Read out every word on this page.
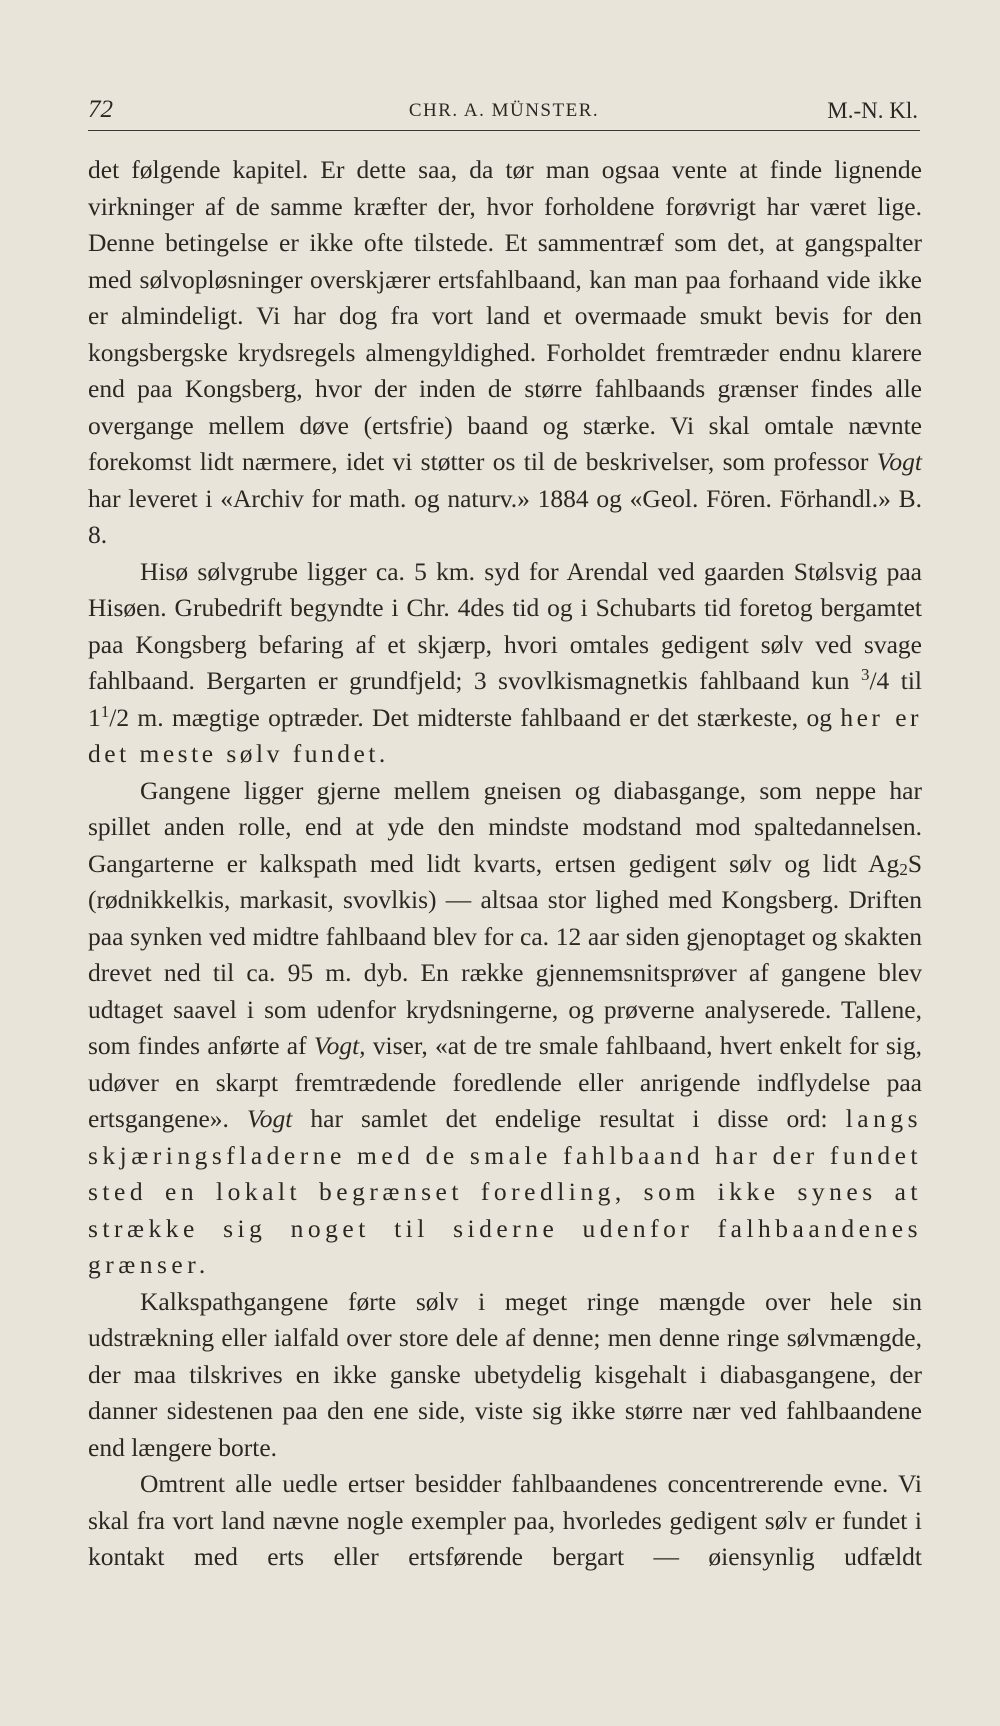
72	CHR. A. MÜNSTER.	M.-N. Kl.

det følgende kapitel. Er dette saa, da tør man ogsaa vente at finde lignende virkninger af de samme kræfter der, hvor forholdene forøvrigt har været lige. Denne betingelse er ikke ofte tilstede. Et sammentræf som det, at gangspalter med sølvopløsninger overskjærer ertsfahlbaand, kan man paa forhaand vide ikke er almindeligt. Vi har dog fra vort land et overmaade smukt bevis for den kongsbergske krydsregels almengyldighed. Forholdet fremtræder endnu klarere end paa Kongsberg, hvor der inden de større fahlbaands grænser findes alle overgange mellem døve (ertsfrie) baand og stærke. Vi skal omtale nævnte forekomst lidt nærmere, idet vi støtter os til de beskrivelser, som professor Vogt har leveret i «Archiv for math. og naturv.» 1884 og «Geol. Fören. Förhandl.» B. 8.

Hisø sølvgrube ligger ca. 5 km. syd for Arendal ved gaarden Stølsvig paa Hisøen. Grubedrift begyndte i Chr. 4des tid og i Schubarts tid foretog bergamtet paa Kongsberg befaring af et skjærp, hvori omtales gedigent sølv ved svage fahlbaand. Bergarten er grundfjeld; 3 svovlkismagnetkis fahlbaand kun $^3$/4 til $1^1/2$ m. mægtige optræder. Det midterste fahlbaand er det stærkeste, og her er det meste sølv fundet.

Gangene ligger gjerne mellem gneisen og diabasgange, som neppe har spillet anden rolle, end at yde den mindste modstand mod spaltedannelsen. Gangarterne er kalkspath med lidt kvarts, ertsen gedigent sølv og lidt Ag2S (rødnikkelkis, markasit, svovlkis) — altsaa stor lighed med Kongsberg. Driften paa synken ved midtre fahlbaand blev for ca. 12 aar siden gjenoptaget og skakten drevet ned til ca. 95 m. dyb. En række gjennemsnitsprøver af gangene blev udtaget saavel i som udenfor krydsningerne, og prøverne analyserede. Tallene, som findes anførte af Vogt, viser, «at de tre smale fahlbaand, hvert enkelt for sig, udøver en skarpt fremtrædende foredlende eller anrigende indflydelse paa ertsgangene». Vogt har samlet det endelige resultat i disse ord: langs skjæringsfladerne med de smale fahlbaand har der fundet sted en lokalt begrænset foredling, som ikke synes at strække sig noget til siderne udenfor falhbaandenes grænser.

Kalkspathgangene førte sølv i meget ringe mængde over hele sin udstrækning eller ialfald over store dele af denne; men denne ringe sølvmængde, der maa tilskrives en ikke ganske ubetydelig kisgehalt i diabasgangene, der danner sidestenen paa den ene side, viste sig ikke større nær ved fahlbaandene end længere borte.

Omtrent alle uedle ertser besidder fahlbaandenes concentrerende evne. Vi skal fra vort land nævne nogle exempler paa, hvorledes gedigent sølv er fundet i kontakt med erts eller ertsførende bergart — øiensynlig udfældt
